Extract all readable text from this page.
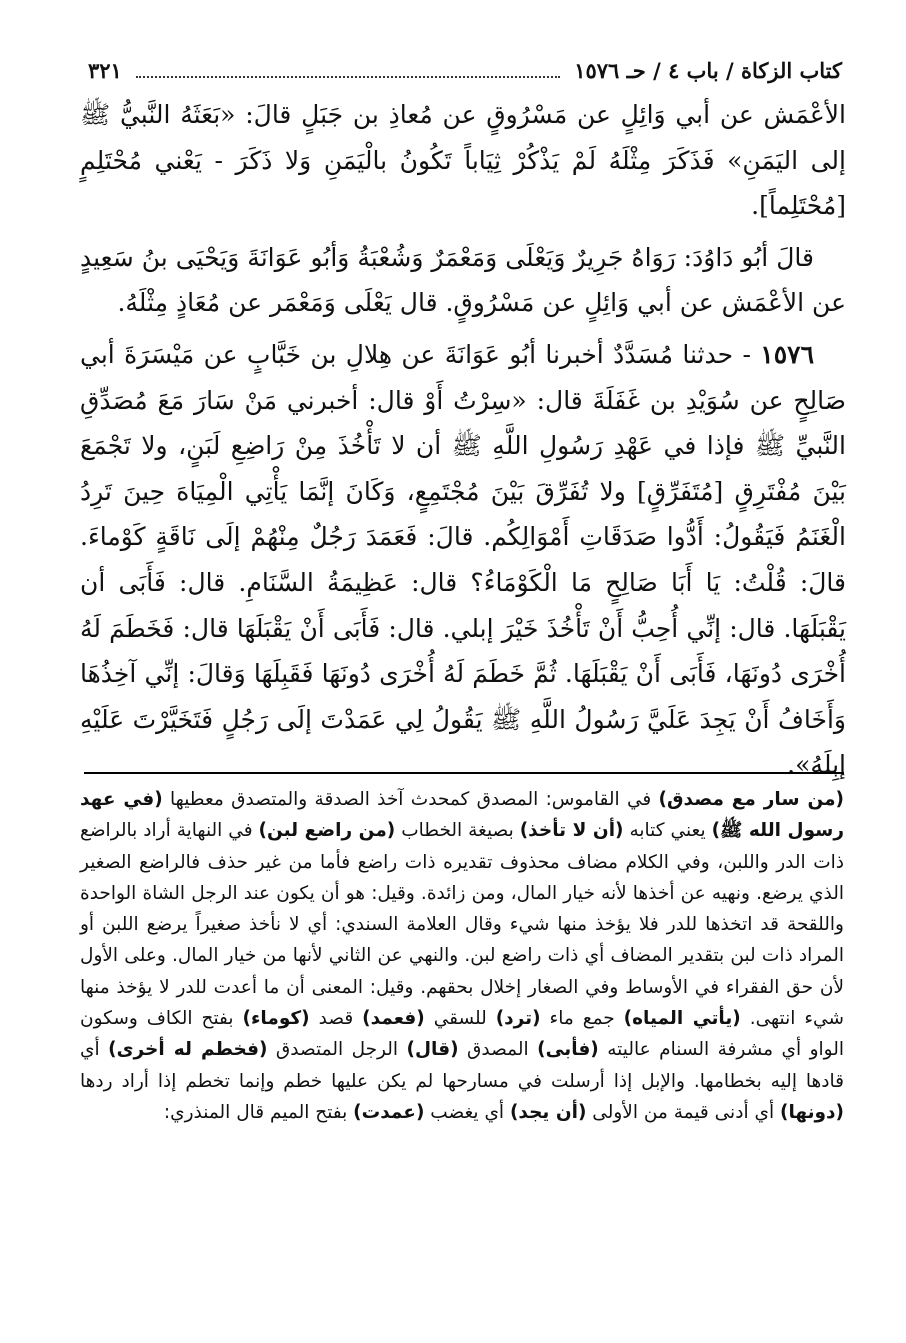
كتاب الزكاة / باب ٤ / حـ ١٥٧٦
٣٢١

الأعْمَش عن أبي وَائِلٍ عن مَسْرُوقٍ عن مُعاذِ بن جَبَلٍ قالَ: «بَعَثَهُ النَّبيُّ ﷺ إلى اليَمَنِ» فَذَكَرَ مِثْلَهُ لَمْ يَذْكُرْ ثِيَاباً تَكُونُ بالْيَمَنِ وَلا ذَكَرَ - يَعْني مُحْتَلِمٍ [مُحْتَلِماً].

قالَ أبُو دَاوُدَ: رَوَاهُ جَرِيرٌ وَيَعْلَى وَمَعْمَرٌ وَشُعْبَةُ وَأبُو عَوَانَةَ وَيَحْيَى بنُ سَعِيدٍ عن الأعْمَش عن أبي وَائِلٍ عن مَسْرُوقٍ. قال يَعْلَى وَمَعْمَر عن مُعَاذٍ مِثْلَهُ.

١٥٧٦ - حدثنا مُسَدَّدٌ أخبرنا أبُو عَوَانَةَ عن هِلالِ بن خَبَّابٍ عن مَيْسَرَةَ أبي صَالِحٍ عن سُوَيْدِ بن غَفَلَةَ قال: «سِرْتُ أَوْ قال: أخبرني مَنْ سَارَ مَعَ مُصَدِّقِ النَّبيِّ ﷺ فإذا في عَهْدِ رَسُولِ اللَّهِ ﷺ أن لا تَأْخُذَ مِنْ رَاضِعِ لَبَنٍ، ولا تَجْمَعَ بَيْنَ مُفْتَرِقٍ [مُتَفَرِّقٍ] ولا تُفَرِّقَ بَيْنَ مُجْتَمِعٍ، وَكَانَ إنَّمَا يَأْتِي الْمِيَاهَ حِينَ تَرِدُ الْغَنَمُ فَيَقُولُ: أَدُّوا صَدَقَاتِ أَمْوَالِكُم. قالَ: فَعَمَدَ رَجُلٌ مِنْهُمْ إلَى نَاقَةٍ كَوْماءَ. قالَ: قُلْتُ: يَا أَبَا صَالِحٍ مَا الْكَوْمَاءُ؟ قال: عَظِيمَةُ السَّنَامِ. قال: فَأَبَى أن يَقْبَلَهَا. قال: إنِّي أُحِبُّ أَنْ تَأْخُذَ خَيْرَ إبلي. قال: فَأَبَى أَنْ يَقْبَلَهَا قال: فَخَطَمَ لَهُ أُخْرَى دُونَهَا، فَأَبَى أَنْ يَقْبَلَهَا. ثُمَّ خَطَمَ لَهُ أُخْرَى دُونَهَا فَقَبِلَهَا وَقالَ: إنِّي آخِذُهَا وَأَخَافُ أَنْ يَجِدَ عَلَيَّ رَسُولُ اللَّهِ ﷺ يَقُولُ لِي عَمَدْتَ إلَى رَجُلٍ فَتَخَيَّرْتَ عَلَيْهِ إبِلَهُ».

(من سار مع مصدق) في القاموس: المصدق كمحدث آخذ الصدقة والمتصدق معطيها (في عهد رسول الله ﷺ) يعني كتابه (أن لا تأخذ) بصيغة الخطاب (من راضع لبن) في النهاية أراد بالراضع ذات الدر واللبن، وفي الكلام مضاف محذوف تقديره ذات راضع فأما من غير حذف فالراضع الصغير الذي يرضع. ونهيه عن أخذها لأنه خيار المال، ومن زائدة. وقيل: هو أن يكون عند الرجل الشاة الواحدة واللقحة قد اتخذها للدر فلا يؤخذ منها شيء وقال العلامة السندي: أي لا نأخذ صغيراً يرضع اللبن أو المراد ذات لبن بتقدير المضاف أي ذات راضع لبن. والنهي عن الثاني لأنها من خيار المال. وعلى الأول لأن حق الفقراء في الأوساط وفي الصغار إخلال بحقهم. وقيل: المعنى أن ما أعدت للدر لا يؤخذ منها شيء انتهى. (يأتي المياه) جمع ماء (ترد) للسقي (فعمد) قصد (كوماء) بفتح الكاف وسكون الواو أي مشرفة السنام عاليته (فأبى) المصدق (قال) الرجل المتصدق (فخطم له أخرى) أي قادها إليه بخطامها. والإبل إذا أرسلت في مسارحها لم يكن عليها خطم وإنما تخطم إذا أراد ردها (دونها) أي أدنى قيمة من الأولى (أن يجد) أي يغضب (عمدت) بفتح الميم قال المنذري:
